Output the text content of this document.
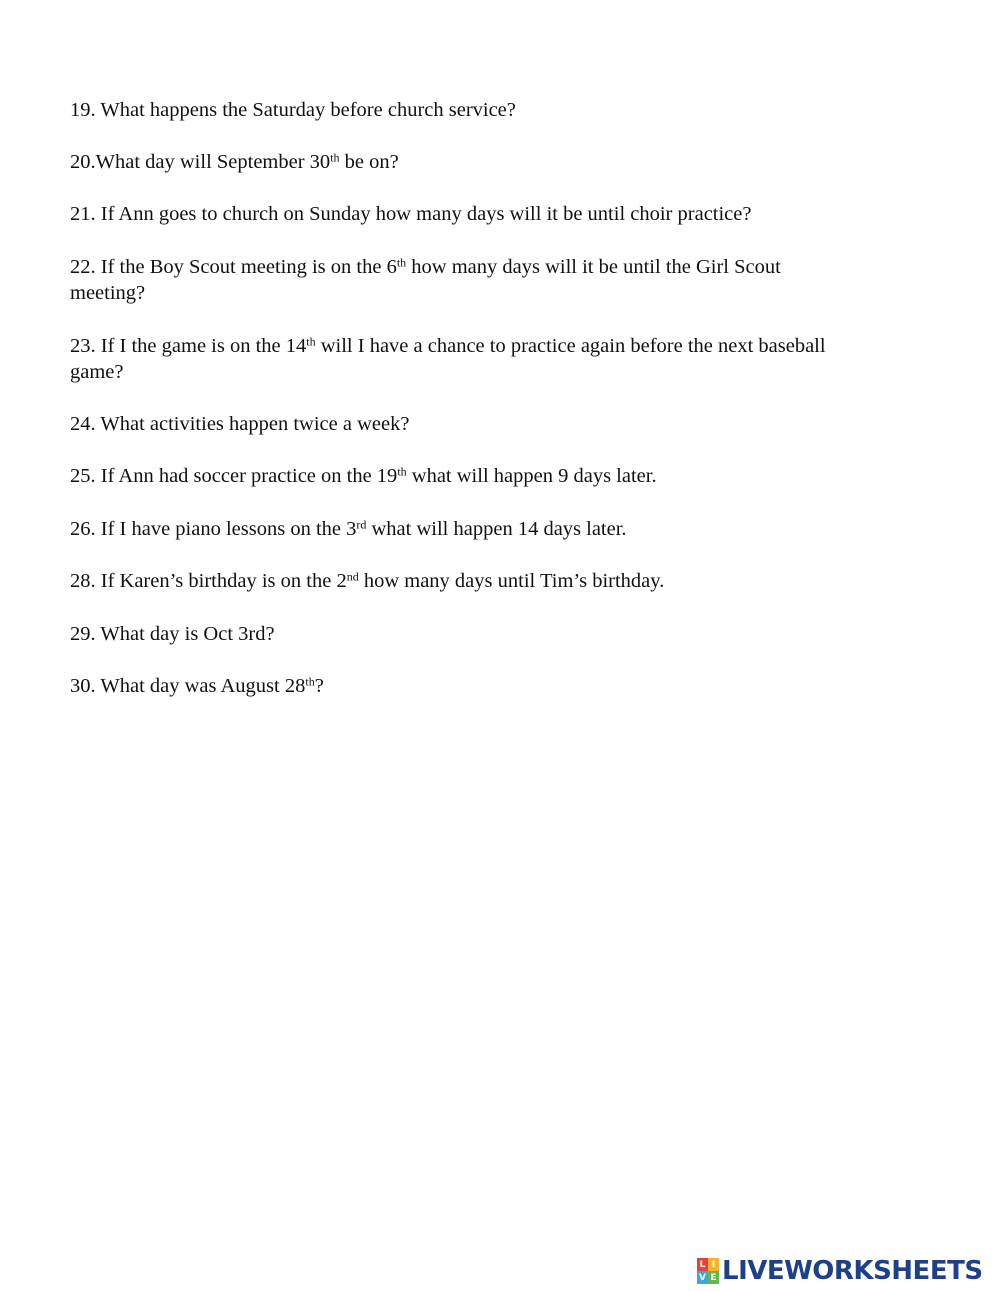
19. What happens the Saturday before church service?

20.What day will September 30th be on?

21. If Ann goes to church on Sunday how many days will it be until choir practice?

22. If the Boy Scout meeting is on the 6th how many days will it be until the Girl Scout
meeting?

23. If I the game is on the 14th will I have a chance to practice again before the next baseball
game?

24. What activities happen twice a week?

25. If Ann had soccer practice on the 19th what will happen 9 days later.

26. If I have piano lessons on the 3rd what will happen 14 days later.

28. If Karen’s birthday is on the 2nd how many days until Tim’s birthday.

29. What day is Oct 3rd?

30. What day was August 28th?

L I
V E LIVEWORKSHEETS
